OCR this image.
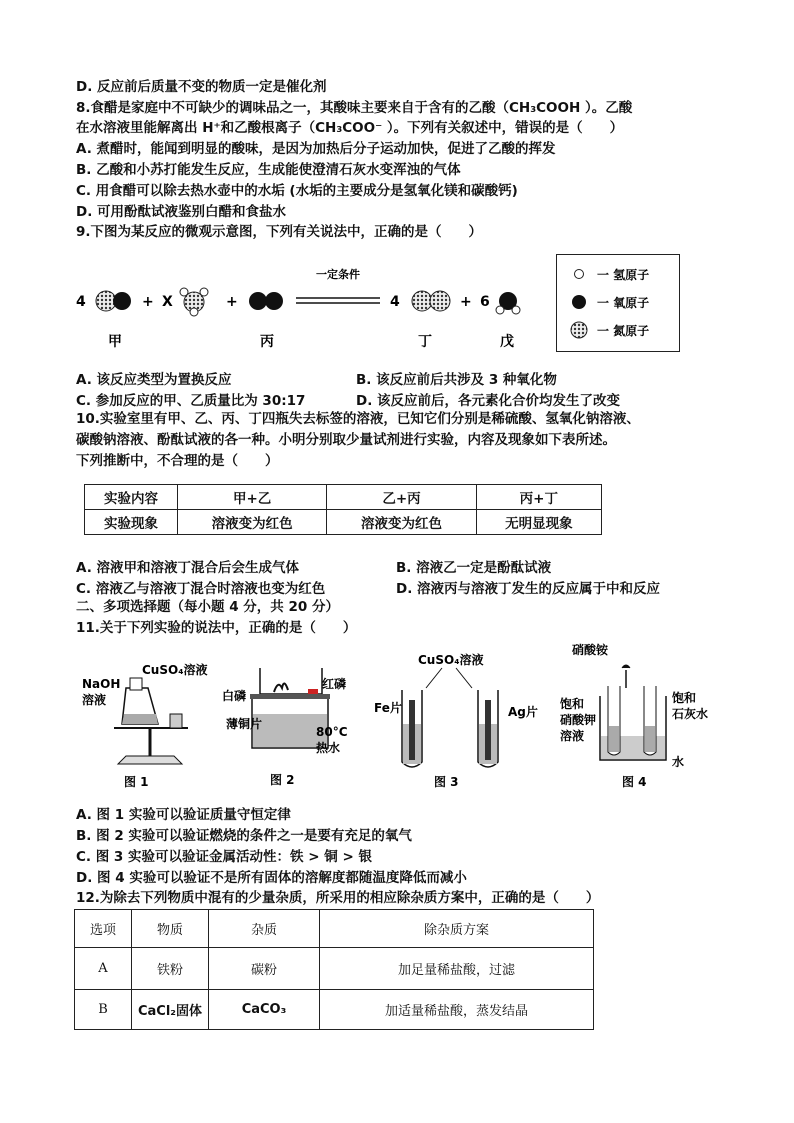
D. 反应前后质量不变的物质一定是催化剂
8.食醋是家庭中不可缺少的调味品之一，其酸味主要来自于含有的乙酸（CH₃COOH ）。乙酸
在水溶液里能解离出 H⁺和乙酸根离子（CH₃COO⁻ ）。下列有关叙述中，错误的是（　　）
A. 煮醋时，能闻到明显的酸味，是因为加热后分子运动加快，促进了乙酸的挥发
B. 乙酸和小苏打能发生反应，生成能使澄清石灰水变浑浊的气体
C. 用食醋可以除去热水壶中的水垢 (水垢的主要成分是氢氧化镁和碳酸钙)
D. 可用酚酞试液鉴别白醋和食盐水
9.下图为某反应的微观示意图，下列有关说法中，正确的是（　　）
4	+ X	+
一定条件
4	+ 6
甲	丙	丁	戊
一 氢原子
一 氧原子
一 氮原子
A. 该反应类型为置换反应	B. 该反应前后共涉及 3 种氧化物
C. 参加反应的甲、乙质量比为 30:17	D. 该反应前后，各元素化合价均发生了改变
10.实验室里有甲、乙、丙、丁四瓶失去标签的溶液，已知它们分别是稀硫酸、氢氧化钠溶液、
碳酸钠溶液、酚酞试液的各一种。小明分别取少量试剂进行实验，内容及现象如下表所述。
下列推断中，不合理的是（　　）
实验内容	甲+乙	乙+丙	丙+丁
实验现象	溶液变为红色	溶液变为红色	无明显现象
A. 溶液甲和溶液丁混合后会生成气体	B. 溶液乙一定是酚酞试液
C. 溶液乙与溶液丁混合时溶液也变为红色	D. 溶液丙与溶液丁发生的反应属于中和反应
二、多项选择题（每小题 4 分，共 20 分）
11.关于下列实验的说法中，正确的是（　　）
NaOH
溶液
CuSO₄溶液
图 1
白磷
红磷
薄铜片
80°C
热水
图 2
CuSO₄溶液
Fe片	Ag片
图 3
硝酸铵
饱和
硝酸钾
溶液
饱和
石灰水
水
图 4
A. 图 1 实验可以验证质量守恒定律
B. 图 2 实验可以验证燃烧的条件之一是要有充足的氧气
C. 图 3 实验可以验证金属活动性：铁 > 铜 > 银
D. 图 4 实验可以验证不是所有固体的溶解度都随温度降低而减小
12.为除去下列物质中混有的少量杂质，所采用的相应除杂质方案中，正确的是（　　）
选项	物质	杂质	除杂质方案
A	铁粉	碳粉	加足量稀盐酸，过滤
B	CaCl₂固体	CaCO₃	加适量稀盐酸，蒸发结晶
